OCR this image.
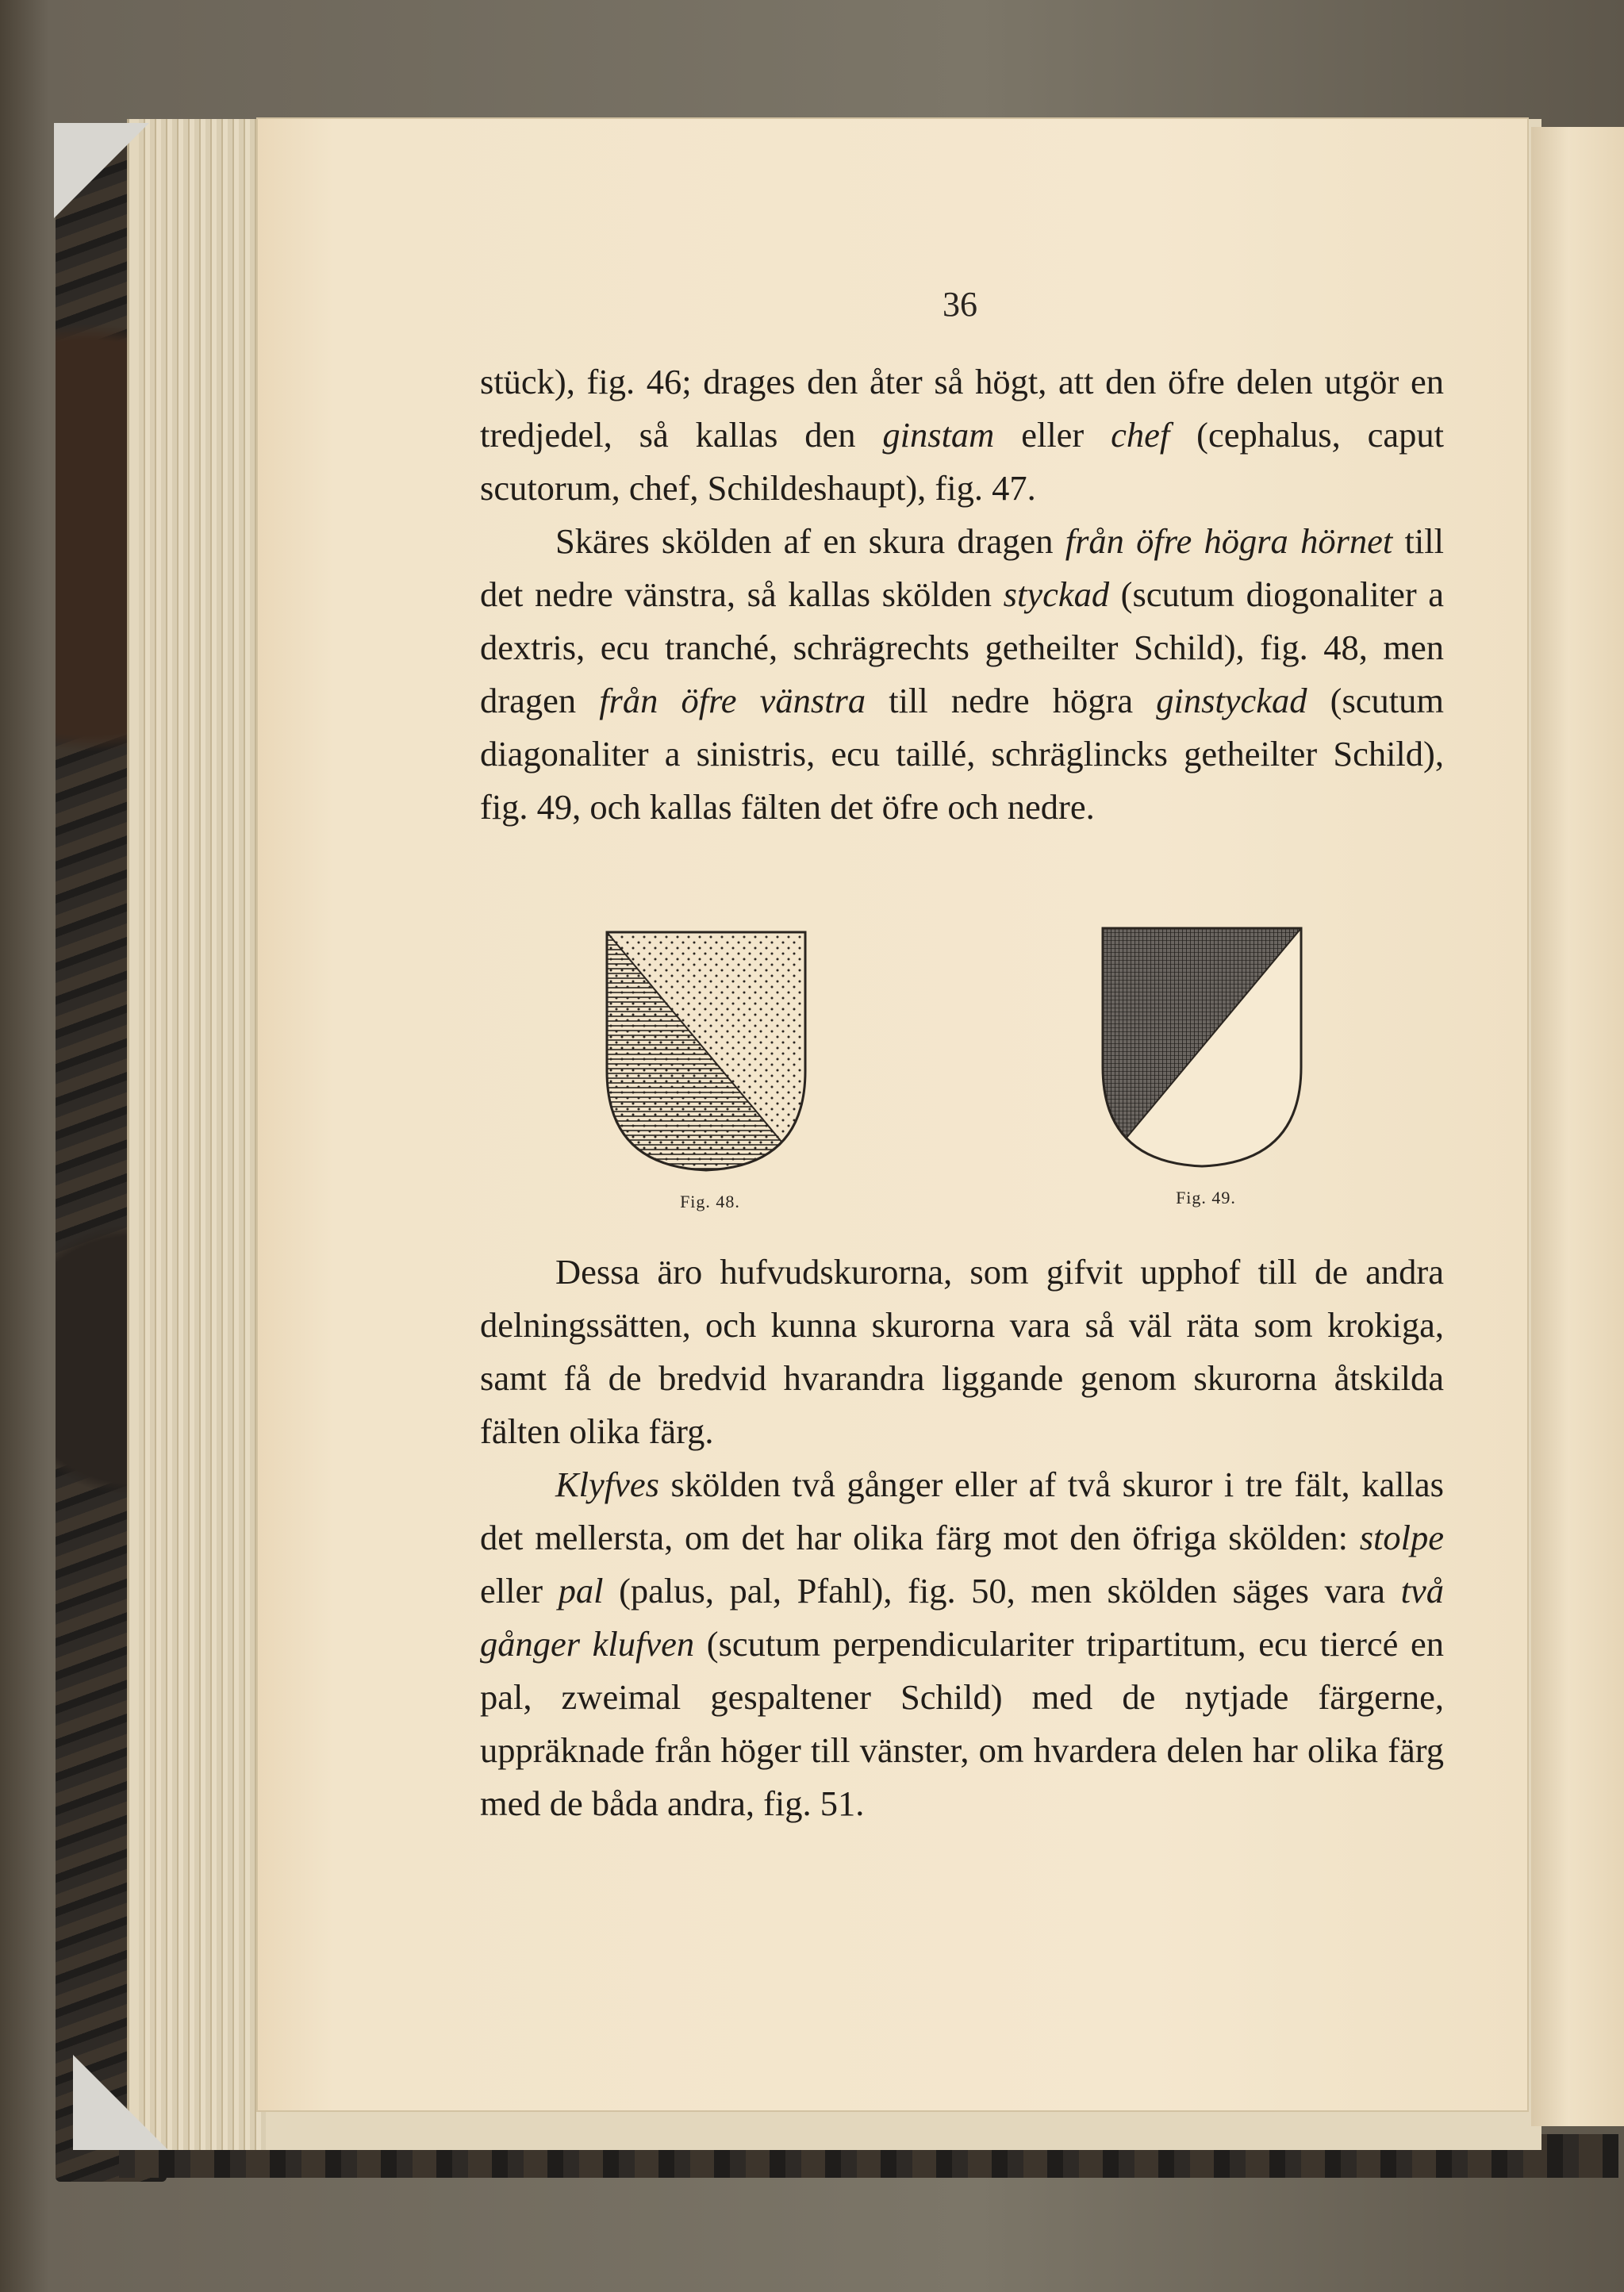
36

stück), fig. 46; drages den åter så högt, att den öfre delen utgör en tredjedel, så kallas den ginstam eller chef (cephalus, caput scutorum, chef, Schildeshaupt), fig. 47.

Skäres skölden af en skura dragen från öfre högra hörnet till det nedre vänstra, så kallas skölden styckad (scutum diogonaliter a dextris, ecu tranché, schrägrechts getheilter Schild), fig. 48, men dragen från öfre vänstra till nedre högra ginstyckad (scutum diagonaliter a sinistris, ecu taillé, schräglincks getheilter Schild), fig. 49, och kallas fälten det öfre och nedre.

Fig. 48.	Fig. 49.

Dessa äro hufvudskurorna, som gifvit upphof till de andra delningssätten, och kunna skurorna vara så väl räta som krokiga, samt få de bredvid hvarandra liggande genom skurorna åtskilda fälten olika färg.

Klyfves skölden två gånger eller af två skuror i tre fält, kallas det mellersta, om det har olika färg mot den öfriga skölden: stolpe eller pal (palus, pal, Pfahl), fig. 50, men skölden säges vara två gånger klufven (scutum perpendiculariter tripartitum, ecu tiercé en pal, zweimal gespaltener Schild) med de nytjade färgerne, uppräknade från höger till vänster, om hvardera delen har olika färg med de båda andra, fig. 51.
